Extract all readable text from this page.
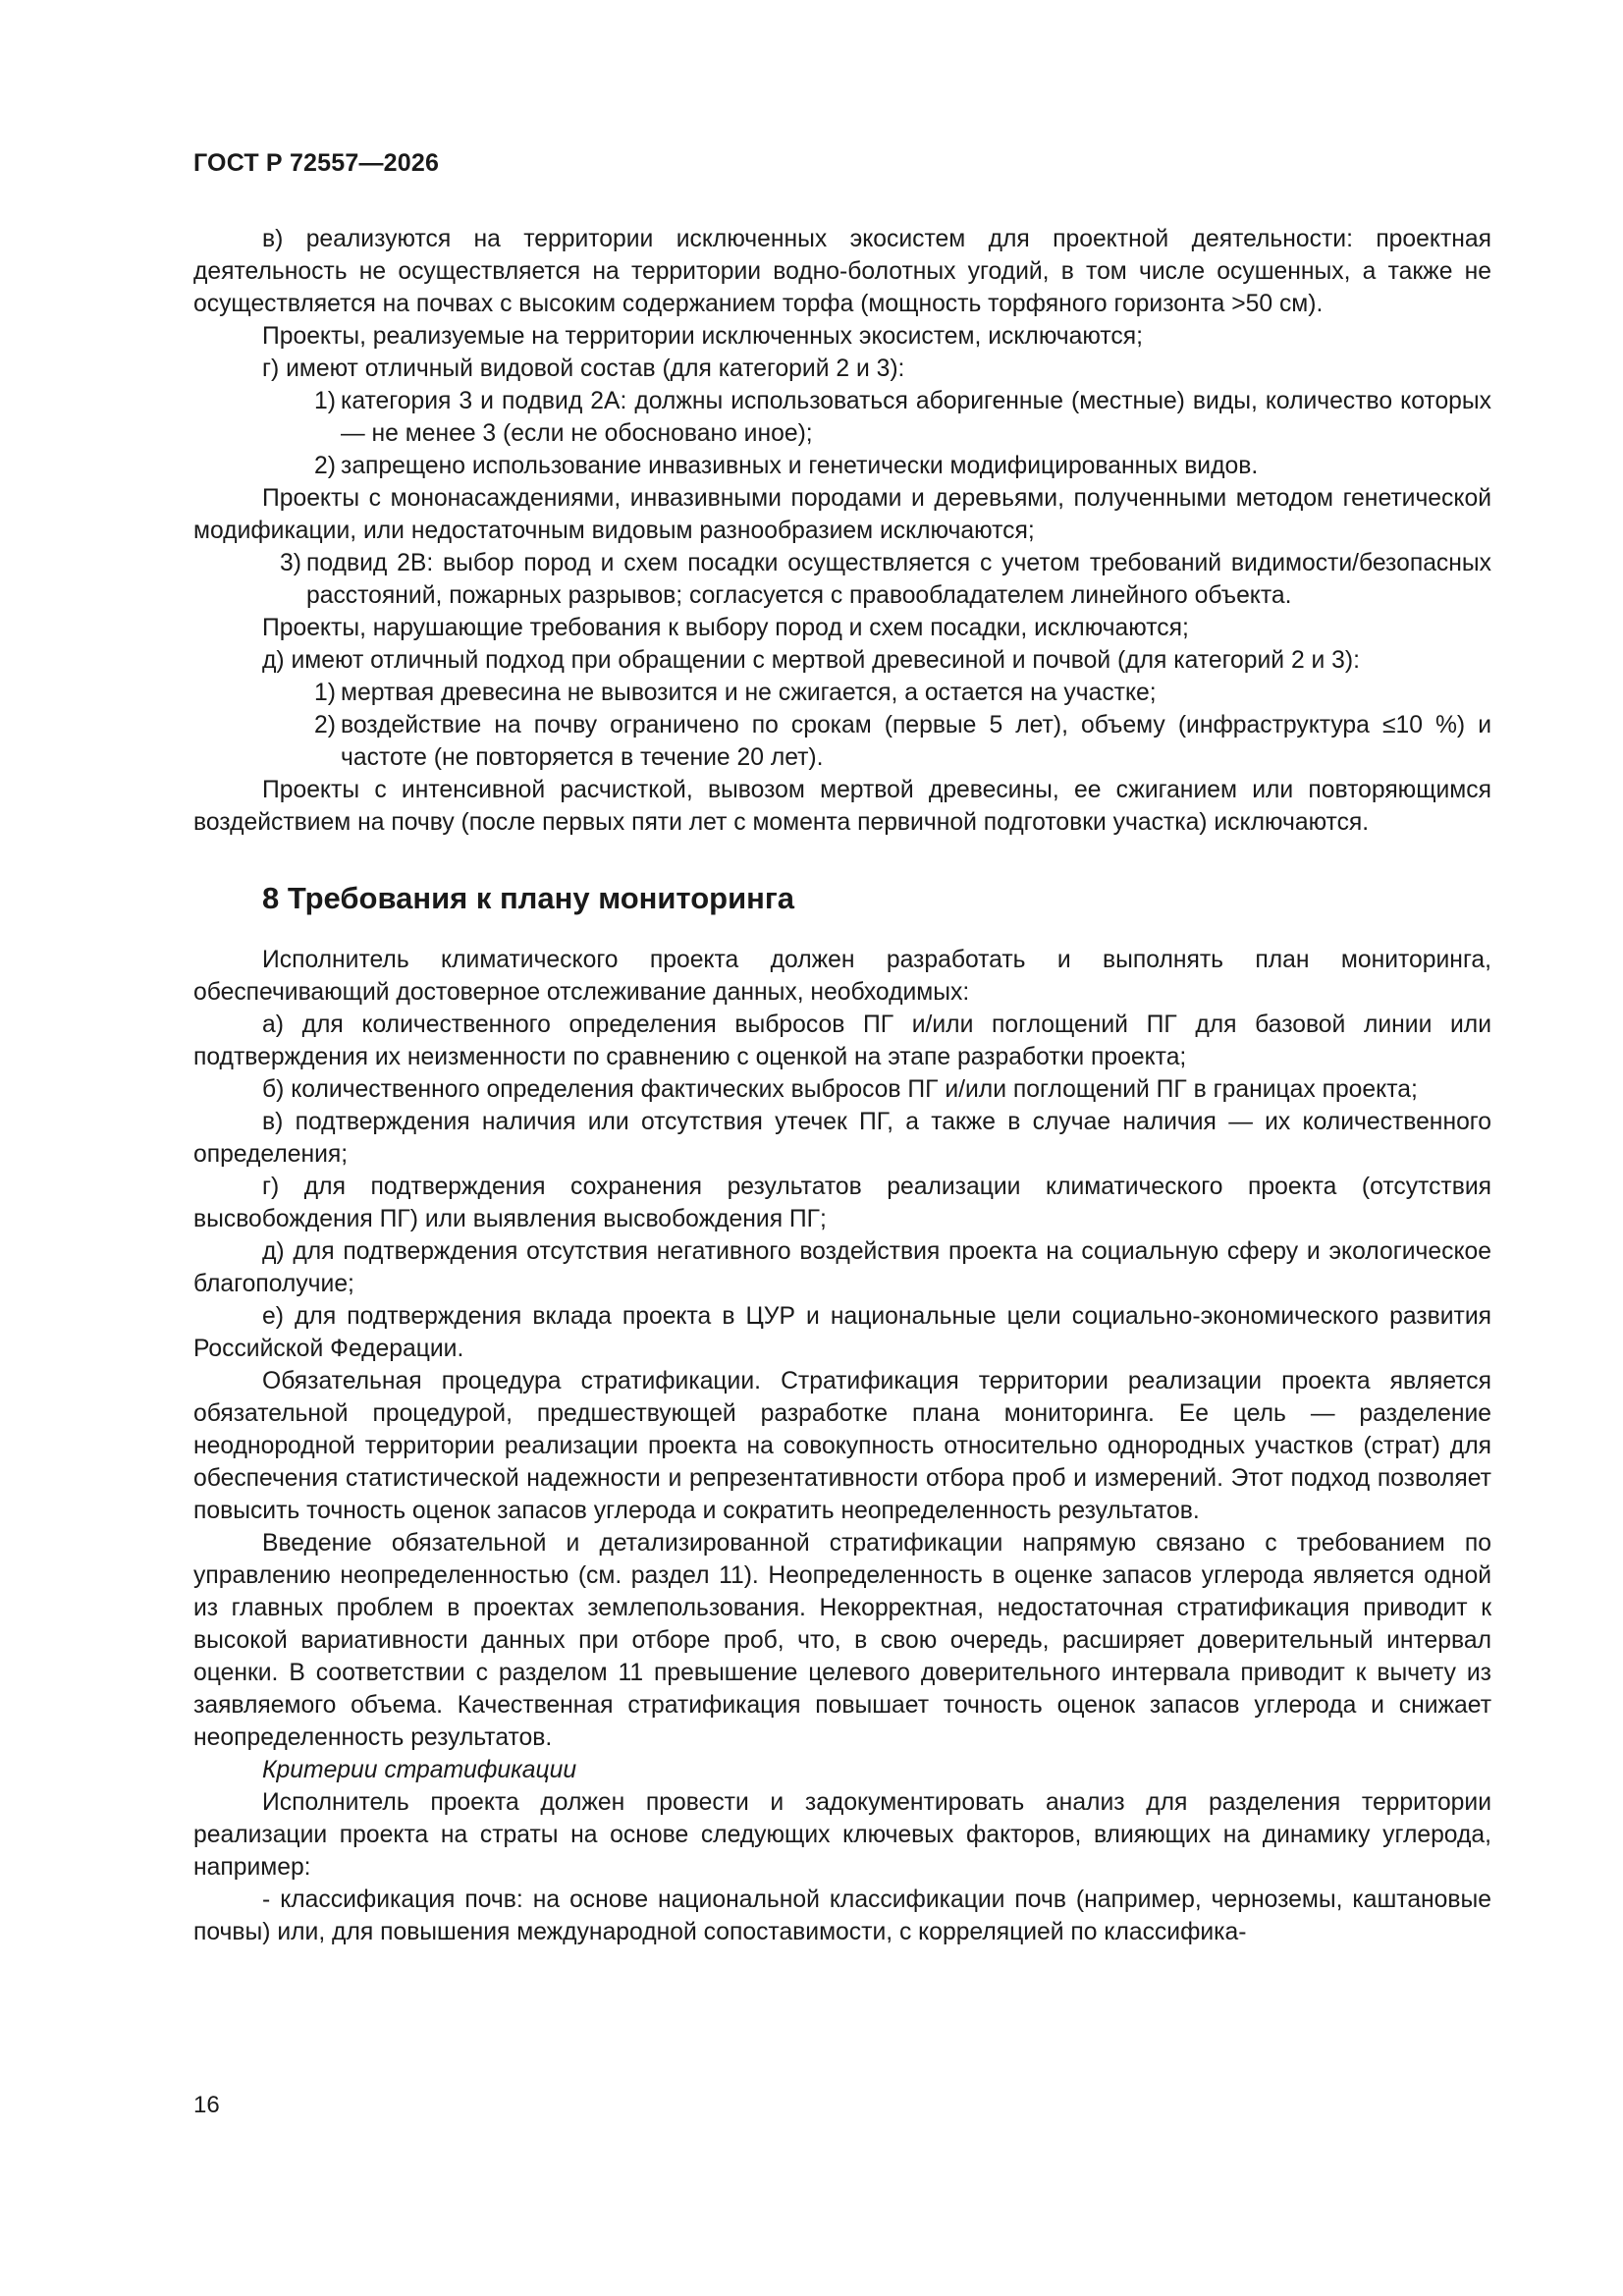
ГОСТ Р 72557—2026

в) реализуются на территории исключенных экосистем для проектной деятельности: проектная деятельность не осуществляется на территории водно-болотных угодий, в том числе осушенных, а также не осуществляется на почвах с высоким содержанием торфа (мощность торфяного горизонта >50 см).

Проекты, реализуемые на территории исключенных экосистем, исключаются;

г) имеют отличный видовой состав (для категорий 2 и 3):

1) категория 3 и подвид 2А: должны использоваться аборигенные (местные) виды, количество которых — не менее 3 (если не обосновано иное);
2) запрещено использование инвазивных и генетически модифицированных видов.

Проекты с мононасаждениями, инвазивными породами и деревьями, полученными методом генетической модификации, или недостаточным видовым разнообразием исключаются;

3) подвид 2В: выбор пород и схем посадки осуществляется с учетом требований видимости/безопасных расстояний, пожарных разрывов; согласуется с правообладателем линейного объекта.

Проекты, нарушающие требования к выбору пород и схем посадки, исключаются;

д) имеют отличный подход при обращении с мертвой древесиной и почвой (для категорий 2 и 3):

1) мертвая древесина не вывозится и не сжигается, а остается на участке;
2) воздействие на почву ограничено по срокам (первые 5 лет), объему (инфраструктура ≤10 %) и частоте (не повторяется в течение 20 лет).

Проекты с интенсивной расчисткой, вывозом мертвой древесины, ее сжиганием или повторяющимся воздействием на почву (после первых пяти лет с момента первичной подготовки участка) исключаются.

8 Требования к плану мониторинга

Исполнитель климатического проекта должен разработать и выполнять план мониторинга, обеспечивающий достоверное отслеживание данных, необходимых:

а) для количественного определения выбросов ПГ и/или поглощений ПГ для базовой линии или подтверждения их неизменности по сравнению с оценкой на этапе разработки проекта;

б) количественного определения фактических выбросов ПГ и/или поглощений ПГ в границах проекта;

в) подтверждения наличия или отсутствия утечек ПГ, а также в случае наличия — их количественного определения;

г) для подтверждения сохранения результатов реализации климатического проекта (отсутствия высвобождения ПГ) или выявления высвобождения ПГ;

д) для подтверждения отсутствия негативного воздействия проекта на социальную сферу и экологическое благополучие;

е) для подтверждения вклада проекта в ЦУР и национальные цели социально-экономического развития Российской Федерации.

Обязательная процедура стратификации. Стратификация территории реализации проекта является обязательной процедурой, предшествующей разработке плана мониторинга. Ее цель — разделение неоднородной территории реализации проекта на совокупность относительно однородных участков (страт) для обеспечения статистической надежности и репрезентативности отбора проб и измерений. Этот подход позволяет повысить точность оценок запасов углерода и сократить неопределенность результатов.

Введение обязательной и детализированной стратификации напрямую связано с требованием по управлению неопределенностью (см. раздел 11). Неопределенность в оценке запасов углерода является одной из главных проблем в проектах землепользования. Некорректная, недостаточная стратификация приводит к высокой вариативности данных при отборе проб, что, в свою очередь, расширяет доверительный интервал оценки. В соответствии с разделом 11 превышение целевого доверительного интервала приводит к вычету из заявляемого объема. Качественная стратификация повышает точность оценок запасов углерода и снижает неопределенность результатов.

Критерии стратификации

Исполнитель проекта должен провести и задокументировать анализ для разделения территории реализации проекта на страты на основе следующих ключевых факторов, влияющих на динамику углерода, например:

- классификация почв: на основе национальной классификации почв (например, черноземы, каштановые почвы) или, для повышения международной сопоставимости, с корреляцией по классифика-

16
